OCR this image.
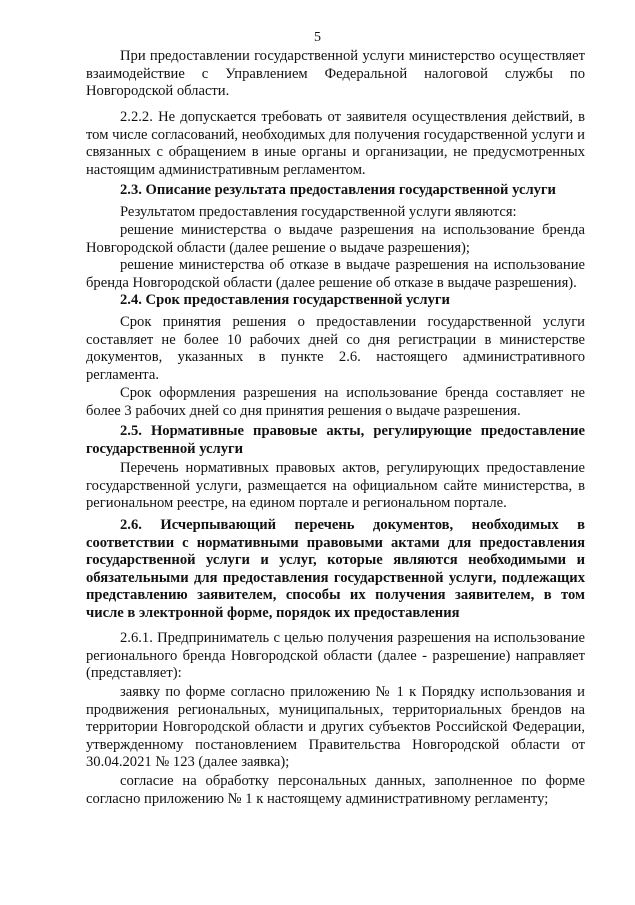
5

При предоставлении государственной услуги министерство осуществляет взаимодействие с Управлением Федеральной налоговой службы по Новгородской области.

2.2.2. Не допускается требовать от заявителя осуществления действий, в том числе согласований, необходимых для получения государственной услуги и связанных с обращением в иные органы и организации, не предусмотренных настоящим административным регламентом.

2.3. Описание результата предоставления государственной услуги

Результатом предоставления государственной услуги являются:

решение министерства о выдаче разрешения на использование бренда Новгородской области (далее решение о выдаче разрешения);

решение министерства об отказе в выдаче разрешения на использование бренда Новгородской области (далее решение об отказе в выдаче разрешения).

2.4. Срок предоставления государственной услуги

Срок принятия решения о предоставлении государственной услуги составляет не более 10 рабочих дней со дня регистрации в министерстве документов, указанных в пункте 2.6. настоящего административного регламента.

Срок оформления разрешения на использование бренда составляет не более 3 рабочих дней со дня принятия решения о выдаче разрешения.

2.5. Нормативные правовые акты, регулирующие предоставление государственной услуги

Перечень нормативных правовых актов, регулирующих предоставление государственной услуги, размещается на официальном сайте министерства, в региональном реестре, на едином портале и региональном портале.

2.6. Исчерпывающий перечень документов, необходимых в соответствии с нормативными правовыми актами для предоставления государственной услуги и услуг, которые являются необходимыми и обязательными для предоставления государственной услуги, подлежащих представлению заявителем, способы их получения заявителем, в том числе в электронной форме, порядок их предоставления

2.6.1. Предприниматель с целью получения разрешения на использование регионального бренда Новгородской области (далее - разрешение) направляет (представляет):

заявку по форме согласно приложению № 1 к Порядку использования и продвижения региональных, муниципальных, территориальных брендов на территории Новгородской области и других субъектов Российской Федерации, утвержденному постановлением Правительства Новгородской области от 30.04.2021 № 123 (далее заявка);

согласие на обработку персональных данных, заполненное по форме согласно приложению № 1 к настоящему административному регламенту;
